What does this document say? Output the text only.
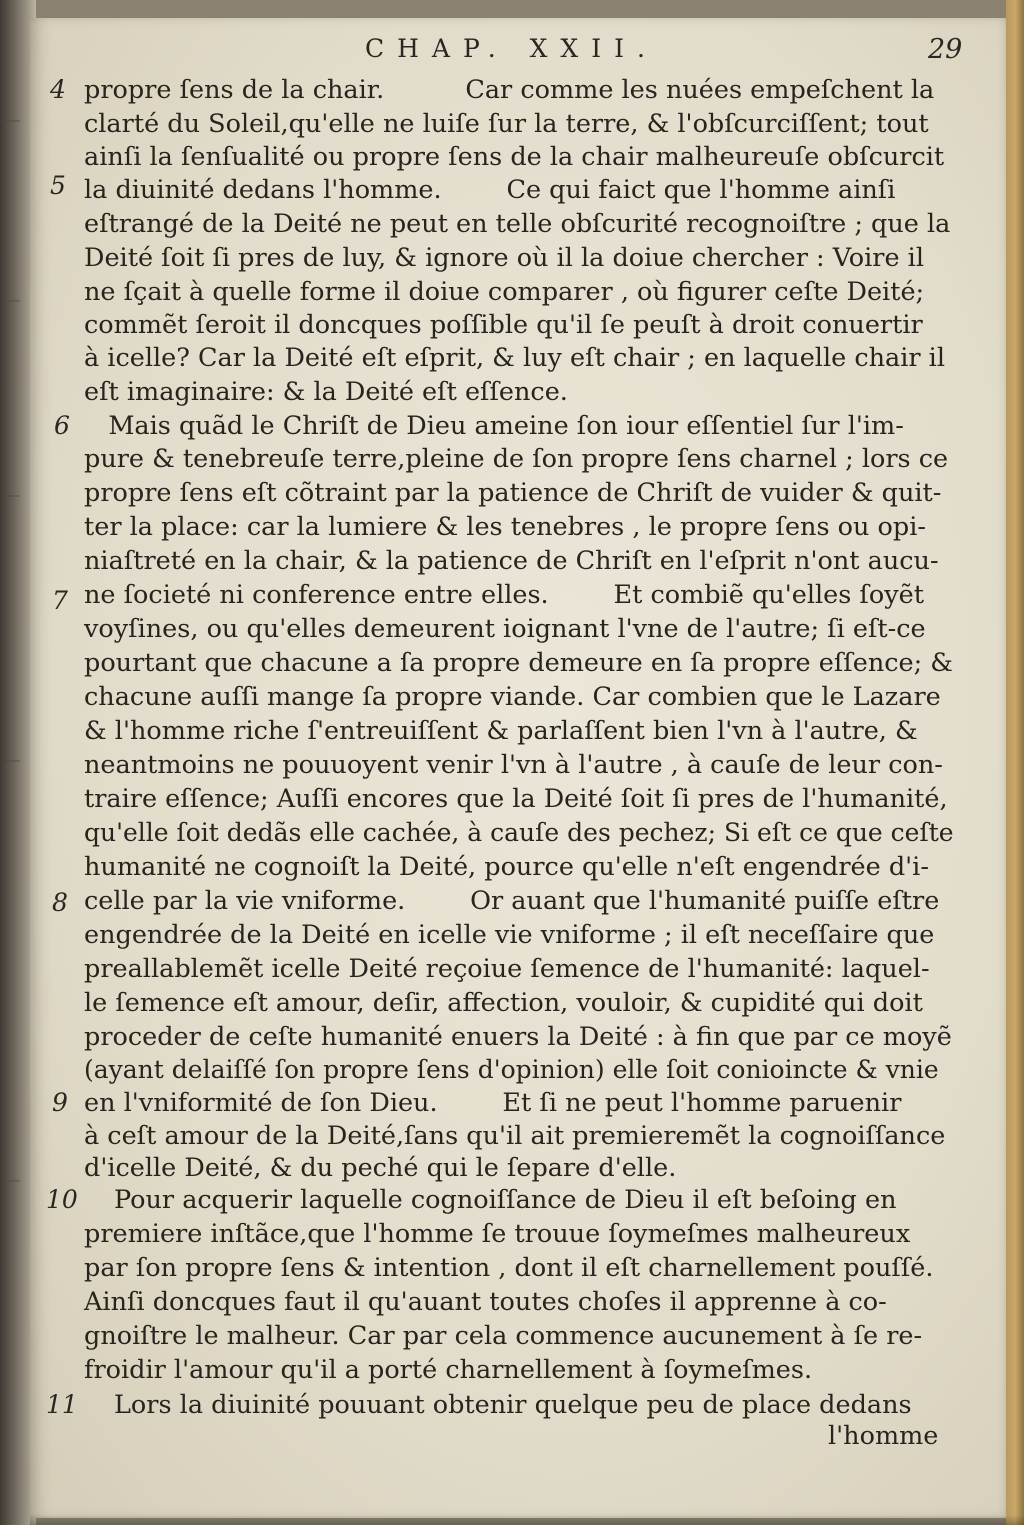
CHAP. XXII.	29
4
5
6
7
8
9
10
11
propre ſens de la chair.          Car comme les nuées empeſchent la
clarté du Soleil,qu'elle ne luiſe ſur la terre, & l'obſcurciſſent; tout
ainſi la ſenſualité ou propre ſens de la chair malheureuſe obſcurcit
la diuinité dedans l'homme.        Ce qui faict que l'homme ainſi
eſtrangé de la Deité ne peut en telle obſcurité recognoiſtre ; que la
Deité ſoit ſi pres de luy, & ignore où il la doiue chercher : Voire il
ne ſçait à quelle forme il doiue comparer , où figurer ceſte Deité;
commẽt ſeroit il doncques poſſible qu'il ſe peuſt à droit conuertir
à icelle? Car la Deité eſt eſprit, & luy eſt chair ; en laquelle chair il
eſt imaginaire: & la Deité eſt eſſence.
Mais quãd le Chriſt de Dieu ameine ſon iour eſſentiel ſur l'im-
pure & tenebreuſe terre,pleine de ſon propre ſens charnel ; lors ce
propre ſens eſt cõtraint par la patience de Chriſt de vuider & quit-
ter la place: car la lumiere & les tenebres , le propre ſens ou opi-
niaſtreté en la chair, & la patience de Chriſt en l'eſprit n'ont aucu-
ne ſocieté ni conference entre elles.        Et combiẽ qu'elles ſoyẽt
voyſines, ou qu'elles demeurent ioignant l'vne de l'autre; ſi eſt-ce
pourtant que chacune a ſa propre demeure en ſa propre eſſence; &
chacune auſſi mange ſa propre viande. Car combien que le Lazare
& l'homme riche ſ'entreuiſſent & parlaſſent bien l'vn à l'autre, &
neantmoins ne pouuoyent venir l'vn à l'autre , à cauſe de leur con-
traire eſſence; Auſſi encores que la Deité ſoit ſi pres de l'humanité,
qu'elle ſoit dedãs elle cachée, à cauſe des pechez; Si eſt ce que ceſte
humanité ne cognoiſt la Deité, pource qu'elle n'eſt engendrée d'i-
celle par la vie vniforme.        Or auant que l'humanité puiſſe eſtre
engendrée de la Deité en icelle vie vniforme ; il eſt neceſſaire que
preallablemẽt icelle Deité reçoiue ſemence de l'humanité: laquel-
le ſemence eſt amour, deſir, affection, vouloir, & cupidité qui doit
proceder de ceſte humanité enuers la Deité : à fin que par ce moyẽ
(ayant delaiſſé ſon propre ſens d'opinion) elle ſoit conioincte & vnie
en l'vniformité de ſon Dieu.        Et ſi ne peut l'homme paruenir
à ceſt amour de la Deité,ſans qu'il ait premieremẽt la cognoiſſance
d'icelle Deité, & du peché qui le ſepare d'elle.
Pour acquerir laquelle cognoiſſance de Dieu il eſt beſoing en
premiere inſtãce,que l'homme ſe trouue ſoymeſmes malheureux
par ſon propre ſens & intention , dont il eſt charnellement pouſſé.
Ainſi doncques faut il qu'auant toutes choſes il apprenne à co-
gnoiſtre le malheur. Car par cela commence aucunement à ſe re-
froidir l'amour qu'il a porté charnellement à ſoymeſmes.
Lors la diuinité pouuant obtenir quelque peu de place dedans
l'homme
